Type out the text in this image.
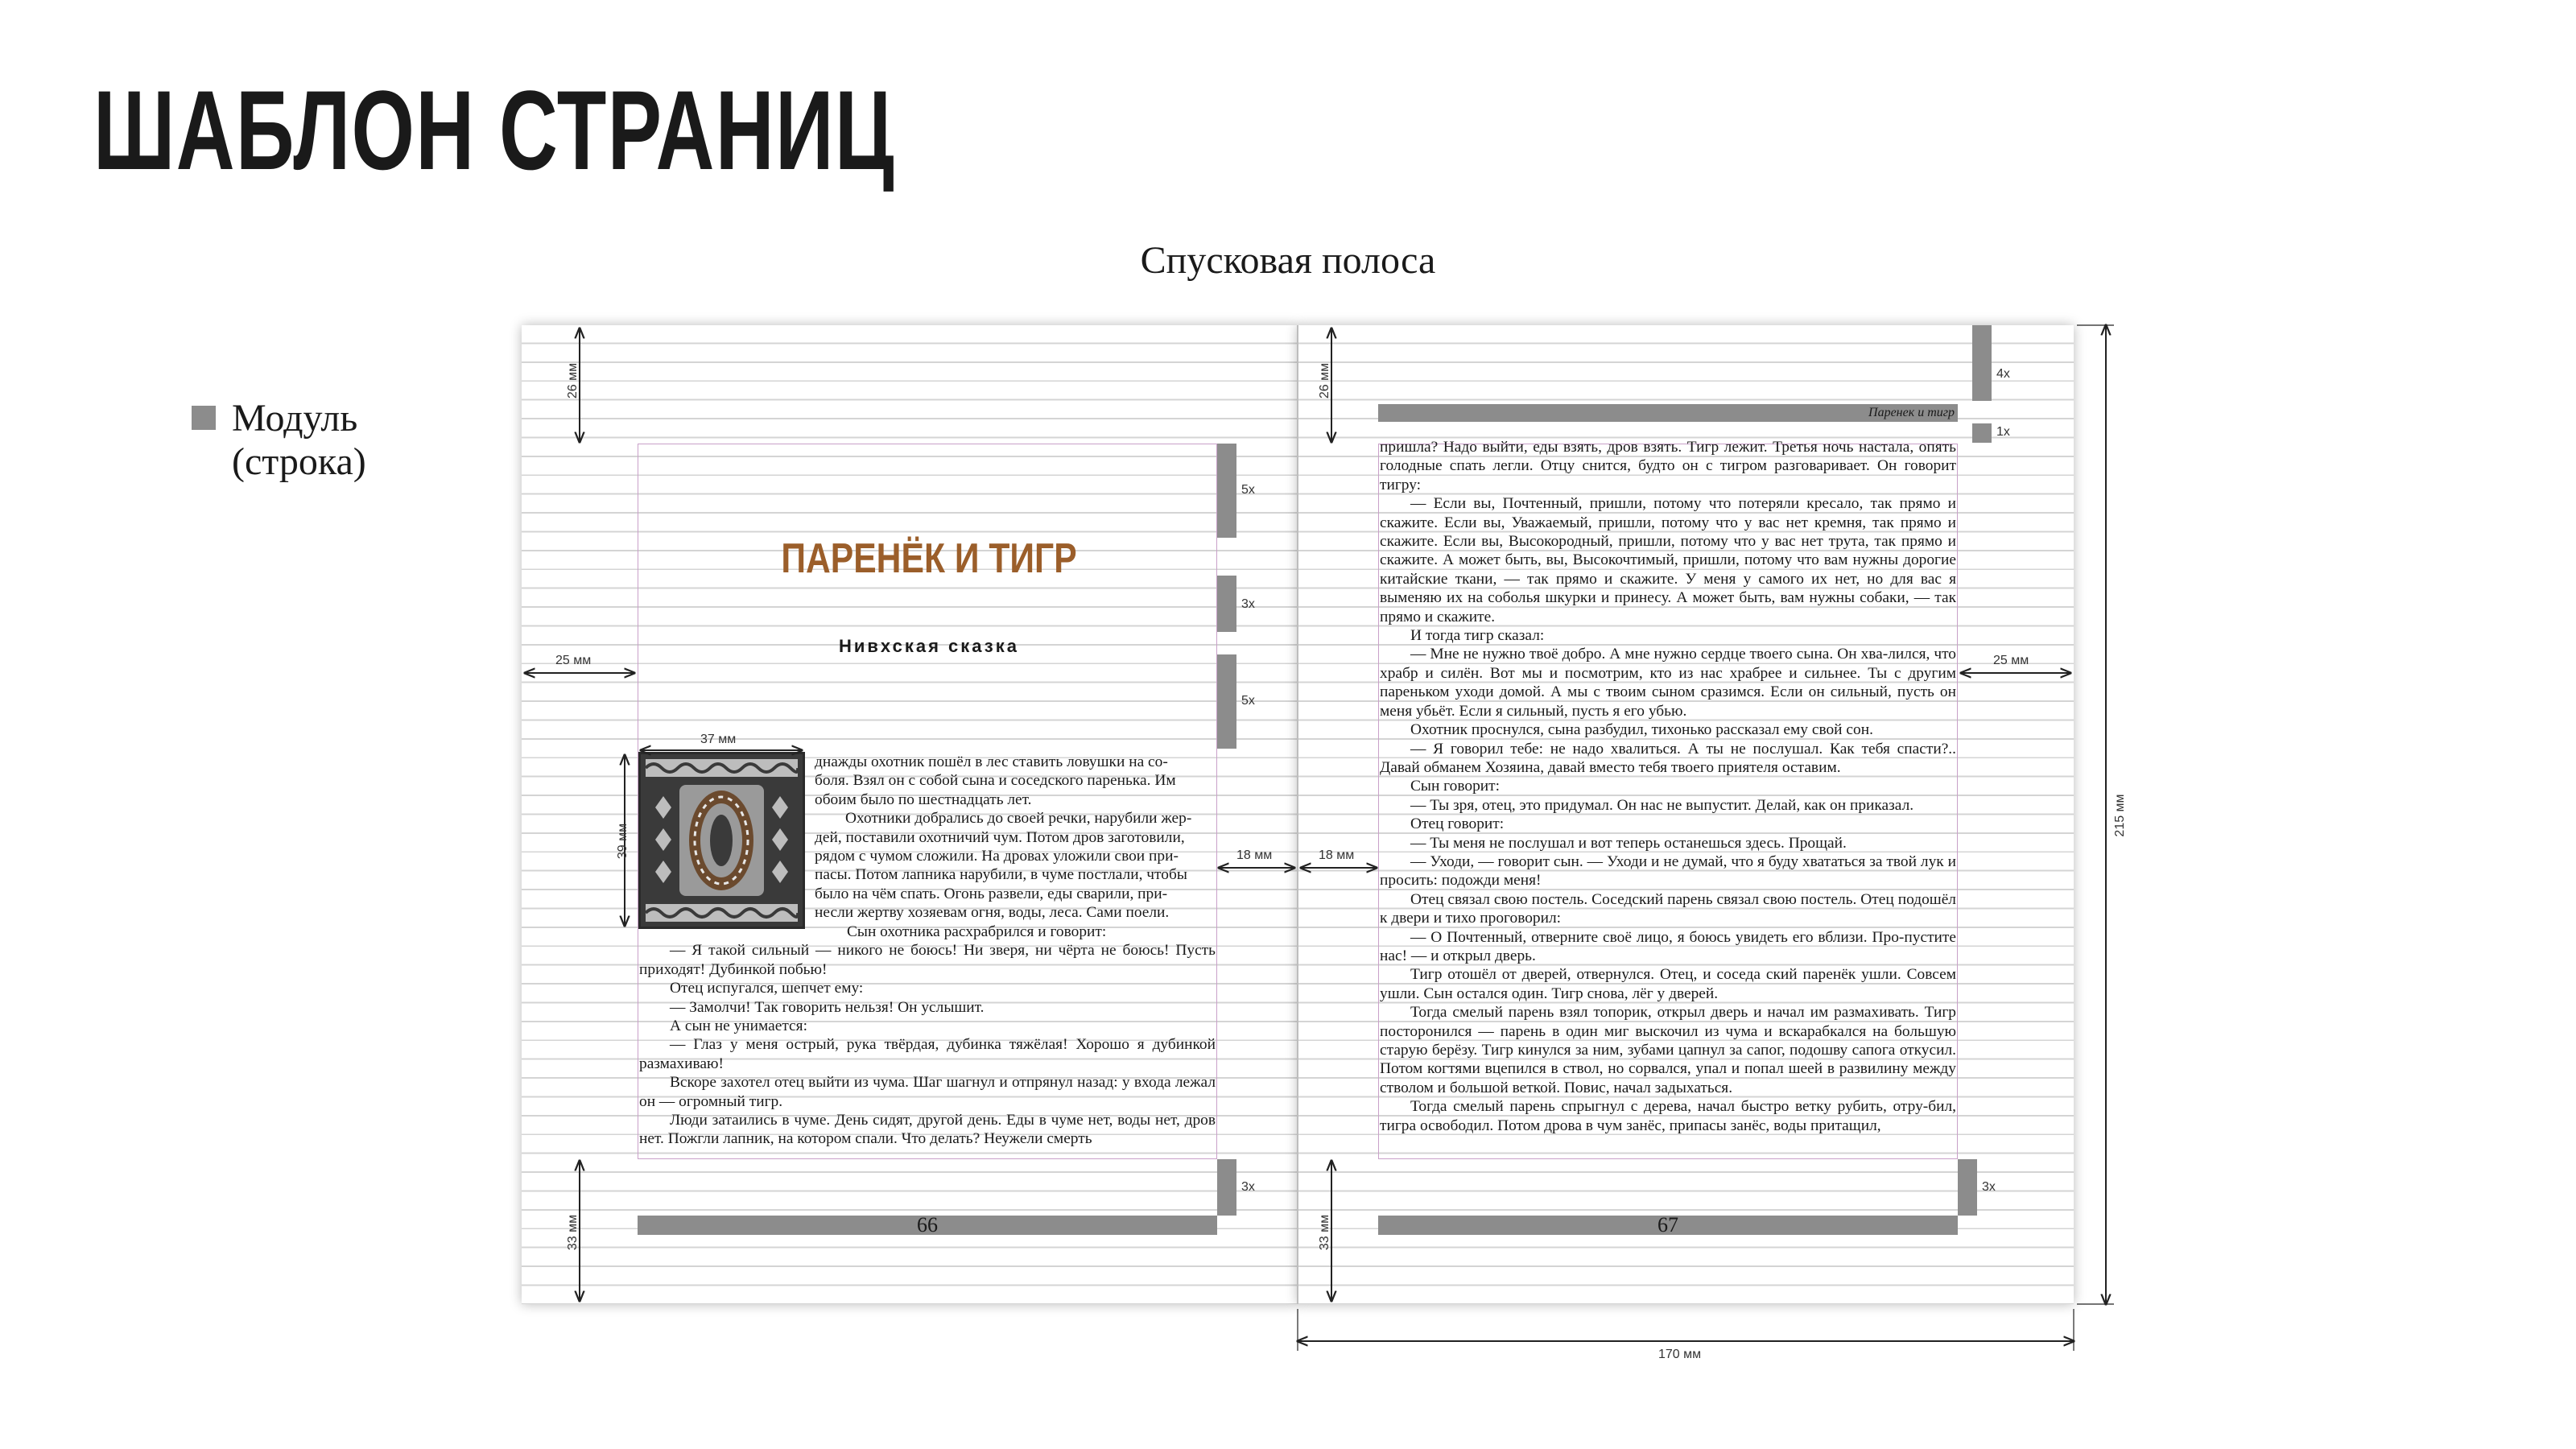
ШАБЛОН СТРАНИЦ
Спусковая полоса
Модуль
(строка)
5х
3х
5х
4х
1х
3х	3х
Паренек и тигр
ПАРЕНЁК И ТИГР
Нивхская сказка

днажды охотник пошёл в лес ставить ловушки на со-

боля. Взял он с собой сына и соседского паренька. Им

обоим было по шестнадцать лет.

Охотники добрались до своей речки, нарубили жер-

дей, поставили охотничий чум. Потом дров заготовили,

рядом с чумом сложили. На дровах уложили свои при-

пасы. Потом лапника нарубили, в чуме постлали, чтобы

было на чём спать. Огонь развели, еды сварили, при-

несли жертву хозяевам огня, воды, леса. Сами поели.

Сын охотника расхрабрился и говорит:

— Я такой сильный — никого не боюсь! Ни зверя, ни чёрта не боюсь! Пусть приходят! Дубинкой побью!

Отец испугался, шепчет ему:

— Замолчи! Так говорить нельзя! Он услышит.

А сын не унимается:

— Глаз у меня острый, рука твёрдая, дубинка тяжёлая! Хорошо я дубинкой размахиваю!

Вскоре захотел отец выйти из чума. Шаг шагнул и отпрянул назад: у входа лежал он — огромный тигр.

Люди затаились в чуме. День сидят, другой день. Еды в чуме нет, воды нет, дров нет. Пожгли лапник, на котором спали. Что делать? Неужели смерть

пришла? Надо выйти, еды взять, дров взять. Тигр лежит. Третья ночь настала, опять голодные спать легли. Отцу снится, будто он с тигром разговаривает. Он говорит тигру:

— Если вы, Почтенный, пришли, потому что потеряли кресало, так прямо и скажите. Если вы, Уважаемый, пришли, потому что у вас нет кремня, так прямо и скажите. Если вы, Высокородный, пришли, потому что у вас нет трута, так прямо и скажите. А может быть, вы, Высокочтимый, пришли, потому что вам нужны дорогие китайские ткани, — так прямо и скажите. У меня у самого их нет, но для вас я выменяю их на соболья шкурки и принесу. А может быть, вам нужны собаки, — так прямо и скажите.

И тогда тигр сказал:

— Мне не нужно твоё добро. А мне нужно сердце твоего сына. Он хва-лился, что храбр и силён. Вот мы и посмотрим, кто из нас храбрее и сильнее. Ты с другим пареньком уходи домой. А мы с твоим сыном сразимся. Если он сильный, пусть он меня убьёт. Если я сильный, пусть я его убью.

Охотник проснулся, сына разбудил, тихонько рассказал ему свой сон.

— Я говорил тебе: не надо хвалиться. А ты не послушал. Как тебя спасти?.. Давай обманем Хозяина, давай вместо тебя твоего приятеля оставим.

Сын говорит:

— Ты зря, отец, это придумал. Он нас не выпустит. Делай, как он приказал.

Отец говорит:

— Ты меня не послушал и вот теперь останешься здесь. Прощай.

— Уходи, — говорит сын. — Уходи и не думай, что я буду хвататься за твой лук и просить: подожди меня!

Отец связал свою постель. Соседский парень связал свою постель. Отец подошёл к двери и тихо проговорил:

— О Почтенный, отверните своё лицо, я боюсь увидеть его вблизи. Про-пустите нас! — и открыл дверь.

Тигр отошёл от дверей, отвернулся. Отец, и соседа ский паренёк ушли. Совсем ушли. Сын остался один. Тигр снова, лёг у дверей.

Тогда смелый парень взял топорик, открыл дверь и начал им размахивать. Тигр посторонился — парень в один миг выскочил из чума и вскарабкался на большую старую берёзу. Тигр кинулся за ним, зубами цапнул за сапог, подошву сапога откусил. Потом когтями вцепился в ствол, но сорвался, упал и попал шеей в развилину между стволом и большой веткой. Повис, начал задыхаться.

Тогда смелый парень спрыгнул с дерева, начал быстро ветку рубить, отру-бил, тигра освободил. Потом дрова в чум занёс, припасы занёс, воды притащил,

66	67
26 мм	26 мм
33 мм	33 мм
25 мм	25 мм
18 мм	18 мм
37 мм
39 мм
215 мм
170 мм
